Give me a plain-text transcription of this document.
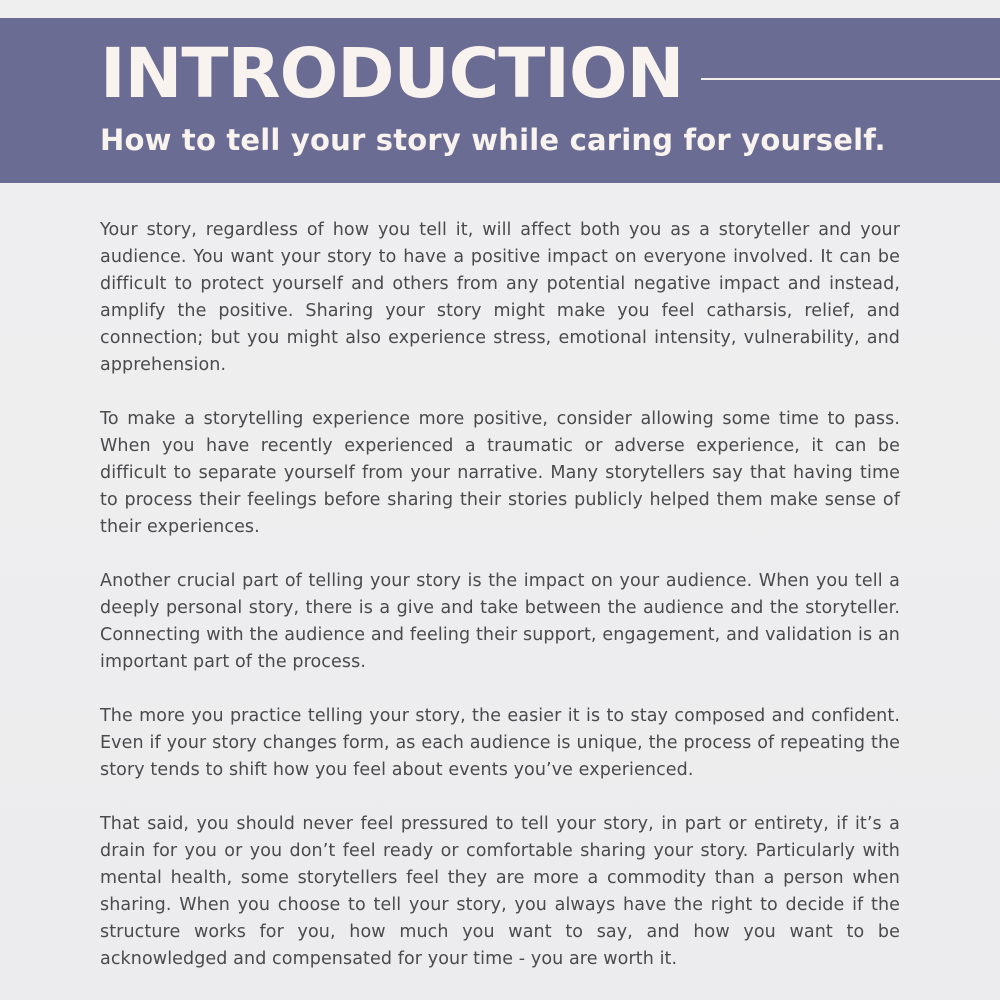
INTRODUCTION
How to tell your story while caring for yourself.

Your story, regardless of how you tell it, will affect both you as a storyteller and your audience. You want your story to have a positive impact on everyone involved. It can be difficult to protect yourself and others from any potential negative impact and instead, amplify the positive. Sharing your story might make you feel catharsis, relief, and connection; but you might also experience stress, emotional intensity, vulnerability, and apprehension.

To make a storytelling experience more positive, consider allowing some time to pass. When you have recently experienced a traumatic or adverse experience, it can be difficult to separate yourself from your narrative. Many storytellers say that having time to process their feelings before sharing their stories publicly helped them make sense of their experiences.

Another crucial part of telling your story is the impact on your audience. When you tell a deeply personal story, there is a give and take between the audience and the storyteller. Connecting with the audience and feeling their support, engagement, and validation is an important part of the process.

The more you practice telling your story, the easier it is to stay composed and confident. Even if your story changes form, as each audience is unique, the process of repeating the story tends to shift how you feel about events you’ve experienced.

That said, you should never feel pressured to tell your story, in part or entirety, if it’s a drain for you or you don’t feel ready or comfortable sharing your story. Particularly with mental health, some storytellers feel they are more a commodity than a person when sharing. When you choose to tell your story, you always have the right to decide if the structure works for you, how much you want to say, and how you want to be acknowledged and compensated for your time - you are worth it.
